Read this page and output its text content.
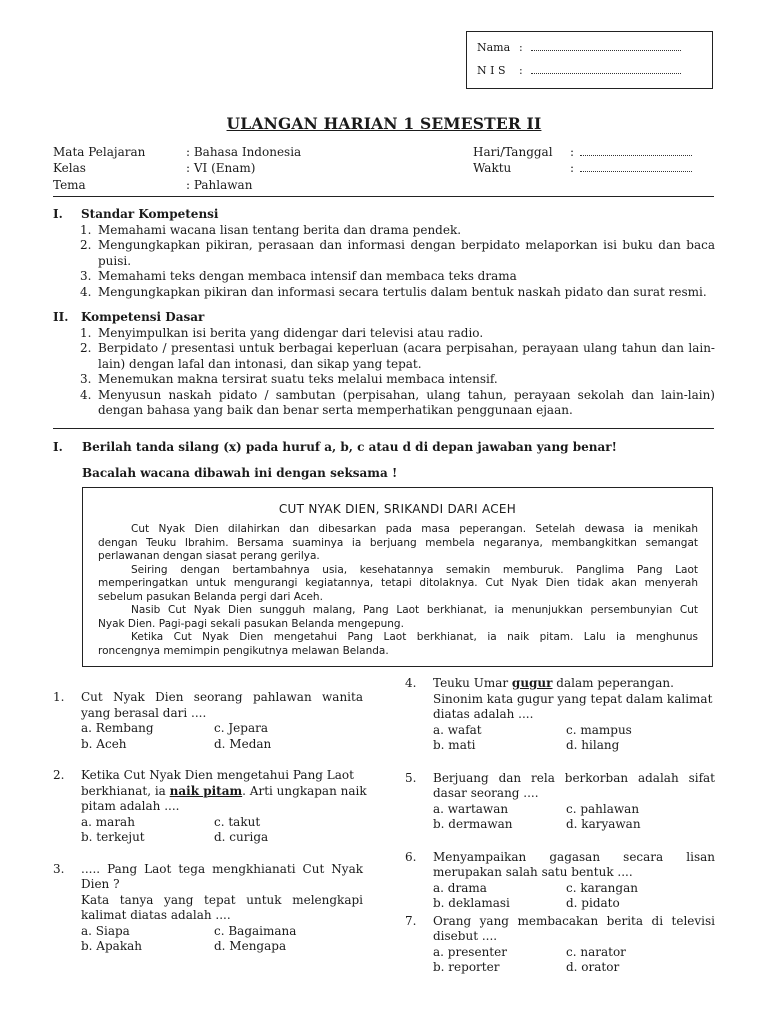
Nama :
N I S :
ULANGAN HARIAN 1 SEMESTER II
Mata Pelajaran	: Bahasa Indonesia
Kelas	: VI (Enam)
Tema	: Pahlawan
Hari/Tanggal :
Waktu	:
I. Standar Kompetensi
1. Memahami wacana lisan tentang berita dan drama pendek.
2. Mengungkapkan pikiran, perasaan dan informasi dengan berpidato melaporkan isi buku dan baca
puisi.
3. Memahami teks dengan membaca intensif dan membaca teks drama
4. Mengungkapkan pikiran dan informasi secara tertulis dalam bentuk naskah pidato dan surat resmi.
II. Kompetensi Dasar
1. Menyimpulkan isi berita yang didengar dari televisi atau radio.
2. Berpidato / presentasi untuk berbagai keperluan (acara perpisahan, perayaan ulang tahun dan lain-
lain) dengan lafal dan intonasi, dan sikap yang tepat.
3. Menemukan makna tersirat suatu teks melalui membaca intensif.
4. Menyusun naskah pidato / sambutan (perpisahan, ulang tahun, perayaan sekolah dan lain-lain)
dengan bahasa yang baik dan benar serta memperhatikan penggunaan ejaan.
I. Berilah tanda silang (x) pada huruf a, b, c atau d di depan jawaban yang benar!
Bacalah wacana dibawah ini dengan seksama !
CUT NYAK DIEN, SRIKANDI DARI ACEH
Cut Nyak Dien dilahirkan dan dibesarkan pada masa peperangan. Setelah dewasa ia menikah
dengan Teuku Ibrahim. Bersama suaminya ia berjuang membela negaranya, membangkitkan semangat
perlawanan dengan siasat perang gerilya.
Seiring dengan bertambahnya usia, kesehatannya semakin memburuk. Panglima Pang Laot
memperingatkan untuk mengurangi kegiatannya, tetapi ditolaknya. Cut Nyak Dien tidak akan menyerah
sebelum pasukan Belanda pergi dari Aceh.
Nasib Cut Nyak Dien sungguh malang, Pang Laot berkhianat, ia menunjukkan persembunyian Cut
Nyak Dien. Pagi-pagi sekali pasukan Belanda mengepung.
Ketika Cut Nyak Dien mengetahui Pang Laot berkhianat, ia naik pitam. Lalu ia menghunus
roncengnya memimpin pengikutnya melawan Belanda.
1. Cut Nyak Dien seorang pahlawan wanita
yang berasal dari ....
a. Rembang	c. Jepara
b. Aceh	d. Medan
2. Ketika Cut Nyak Dien mengetahui Pang Laot
berkhianat, ia naik pitam. Arti ungkapan naik
pitam adalah ....
a. marah	c. takut
b. terkejut	d. curiga
3. ..... Pang Laot tega mengkhianati Cut Nyak
Dien ?
Kata tanya yang tepat untuk melengkapi
kalimat diatas adalah ....
a. Siapa	c. Bagaimana
b. Apakah	d. Mengapa
4. Teuku Umar gugur dalam peperangan.
Sinonim kata gugur yang tepat dalam kalimat
diatas adalah ....
a. wafat	c. mampus
b. mati	d. hilang
5. Berjuang dan rela berkorban adalah sifat
dasar seorang ....
a. wartawan	c. pahlawan
b. dermawan	d. karyawan
6. Menyampaikan gagasan secara lisan
merupakan salah satu bentuk ....
a. drama	c. karangan
b. deklamasi	d. pidato
7. Orang yang membacakan berita di televisi
disebut ....
a. presenter	c. narator
b. reporter	d. orator
